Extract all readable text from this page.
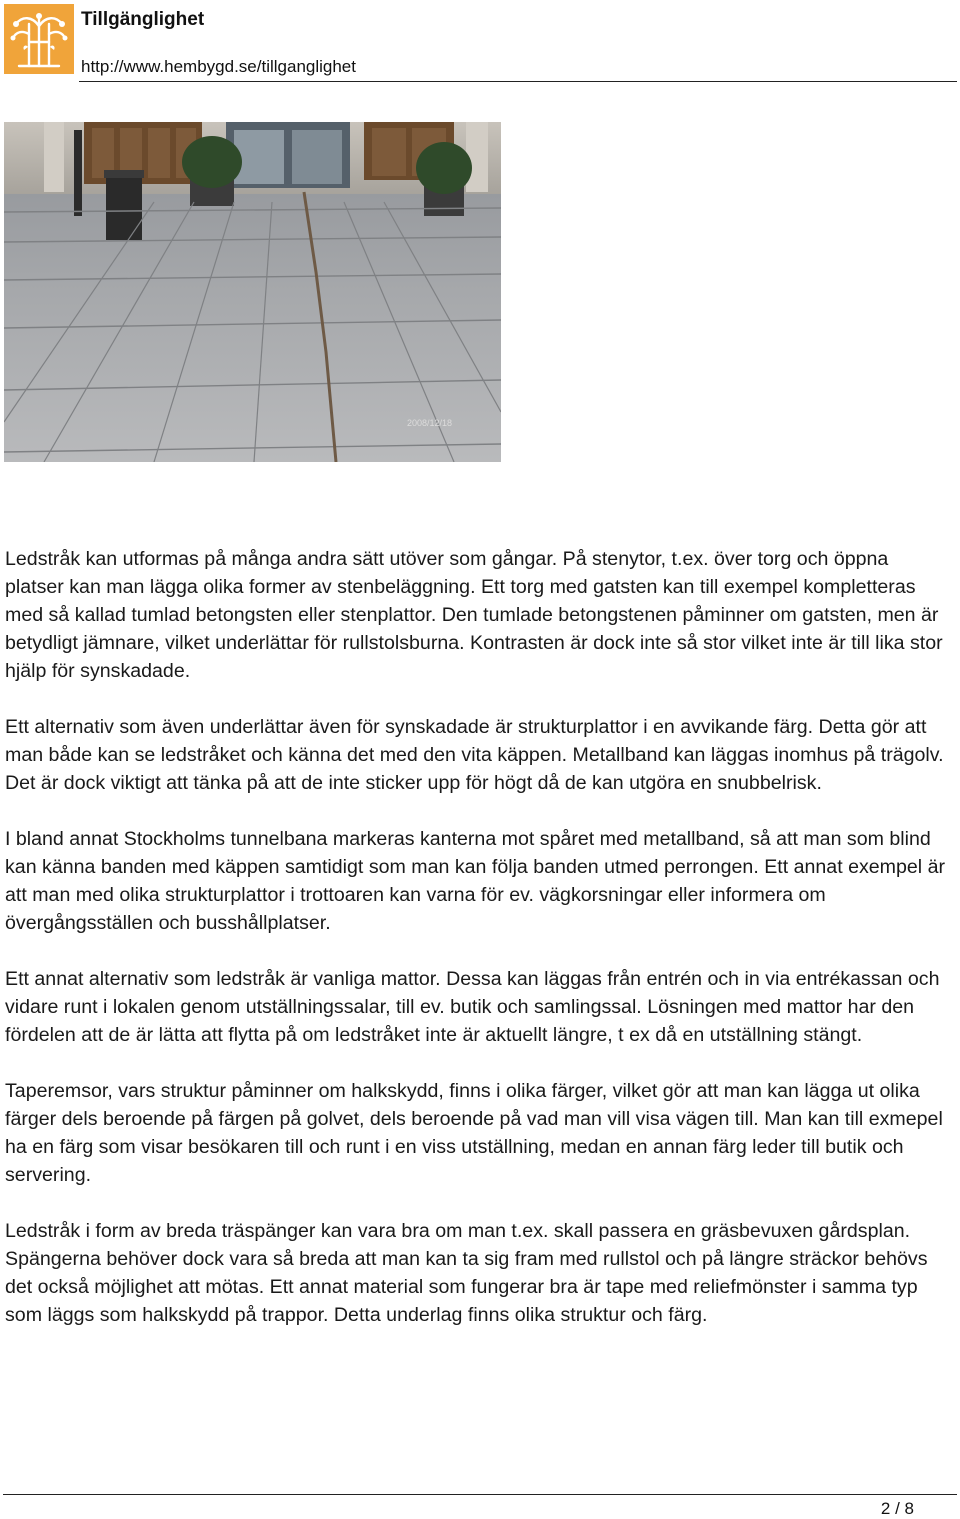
Tillgänglighet
http://www.hembygd.se/tillganglighet
2008/12/18

Ledstråk kan utformas på många andra sätt utöver som gångar. På stenytor, t.ex. över torg och öppna platser kan man lägga olika former av stenbeläggning. Ett torg med gatsten kan till exempel kompletteras med så kallad tumlad betongsten eller stenplattor. Den tumlade betongstenen påminner om gatsten, men är betydligt jämnare, vilket underlättar för rullstolsburna. Kontrasten är dock inte så stor vilket inte är till lika stor hjälp för synskadade.

Ett alternativ som även underlättar även för synskadade är strukturplattor i en avvikande färg. Detta gör att man både kan se ledstråket och känna det med den vita käppen. Metallband kan läggas inomhus på trägolv. Det är dock viktigt att tänka på att de inte sticker upp för högt då de kan utgöra en snubbelrisk.

I bland annat Stockholms tunnelbana markeras kanterna mot spåret med metallband, så att man som blind kan känna banden med käppen samtidigt som man kan följa banden utmed perrongen. Ett annat exempel är att man med olika strukturplattor i trottoaren kan varna för ev. vägkorsningar eller informera om övergångsställen och busshållplatser.

Ett annat alternativ som ledstråk är vanliga mattor. Dessa kan läggas från entrén och in via entrékassan och vidare runt i lokalen genom utställningssalar, till ev. butik och samlingssal. Lösningen med mattor har den fördelen att de är lätta att flytta på om ledstråket inte är aktuellt längre, t ex då en utställning stängt.

Taperemsor, vars struktur påminner om halkskydd, finns i olika färger, vilket gör att man kan lägga ut olika färger dels beroende på färgen på golvet, dels beroende på vad man vill visa vägen till. Man kan till exmepel ha en färg som visar besökaren till och runt i en viss utställning, medan en annan färg leder till butik och servering.

Ledstråk i form av breda träspänger kan vara bra om man t.ex. skall passera en gräsbevuxen gårdsplan. Spängerna behöver dock vara så breda att man kan ta sig fram med rullstol och på längre sträckor behövs det också möjlighet att mötas. Ett annat material som fungerar bra är tape med reliefmönster i samma typ som läggs som halkskydd på trappor. Detta underlag finns olika struktur och färg.

2 / 8
